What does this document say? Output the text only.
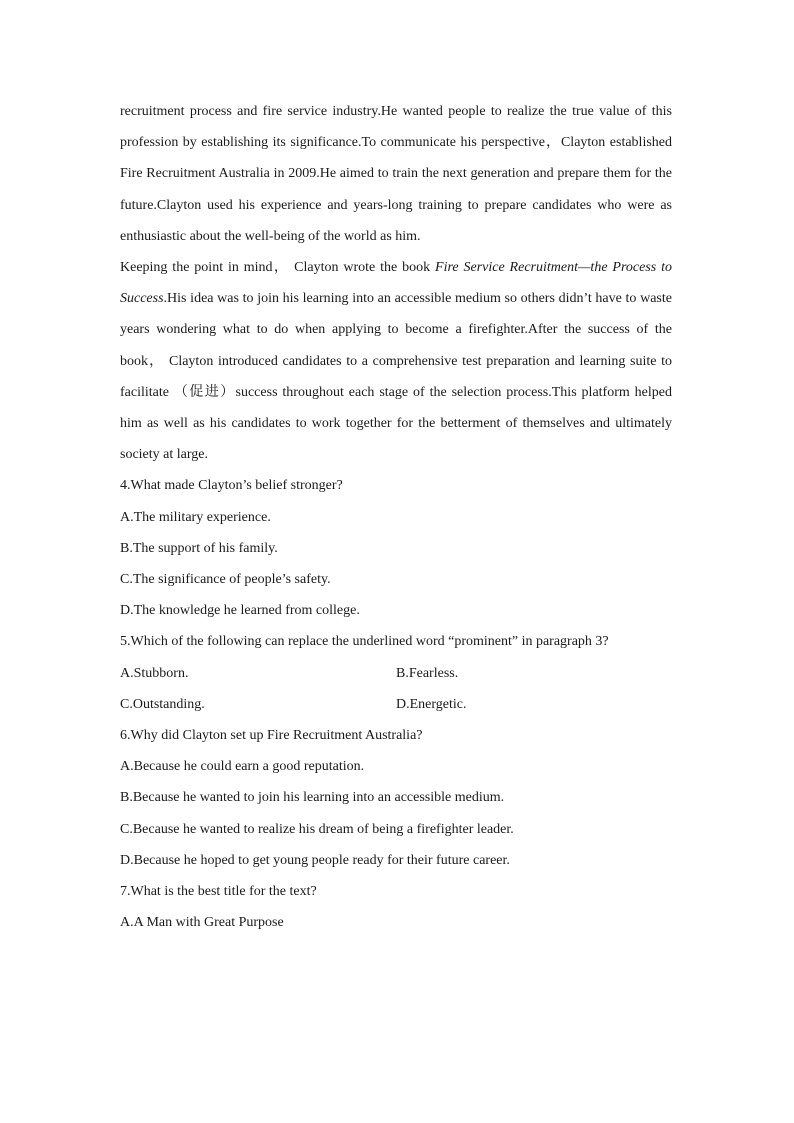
recruitment process and fire service industry.He wanted people to realize the true value of this profession by establishing its significance.To communicate his perspective，Clayton established Fire Recruitment Australia in 2009.He aimed to train the next generation and prepare them for the future.Clayton used his experience and years-long training to prepare candidates who were as enthusiastic about the well-being of the world as him.

Keeping the point in mind， Clayton wrote the book Fire Service Recruitment—the Process to Success.His idea was to join his learning into an accessible medium so others didn’t have to waste years wondering what to do when applying to become a firefighter.After the success of the book， Clayton introduced candidates to a comprehensive test preparation and learning suite to facilitate （促进）success throughout each stage of the selection process.This platform helped him as well as his candidates to work together for the betterment of themselves and ultimately society at large.

4.What made Clayton’s belief stronger?

A.The military experience.

B.The support of his family.

C.The significance of people’s safety.

D.The knowledge he learned from college.

5.Which of the following can replace the underlined word “prominent” in paragraph 3?

A.Stubborn.	B.Fearless.
C.Outstanding.	D.Energetic.

6.Why did Clayton set up Fire Recruitment Australia?

A.Because he could earn a good reputation.

B.Because he wanted to join his learning into an accessible medium.

C.Because he wanted to realize his dream of being a firefighter leader.

D.Because he hoped to get young people ready for their future career.

7.What is the best title for the text?

A.A Man with Great Purpose
